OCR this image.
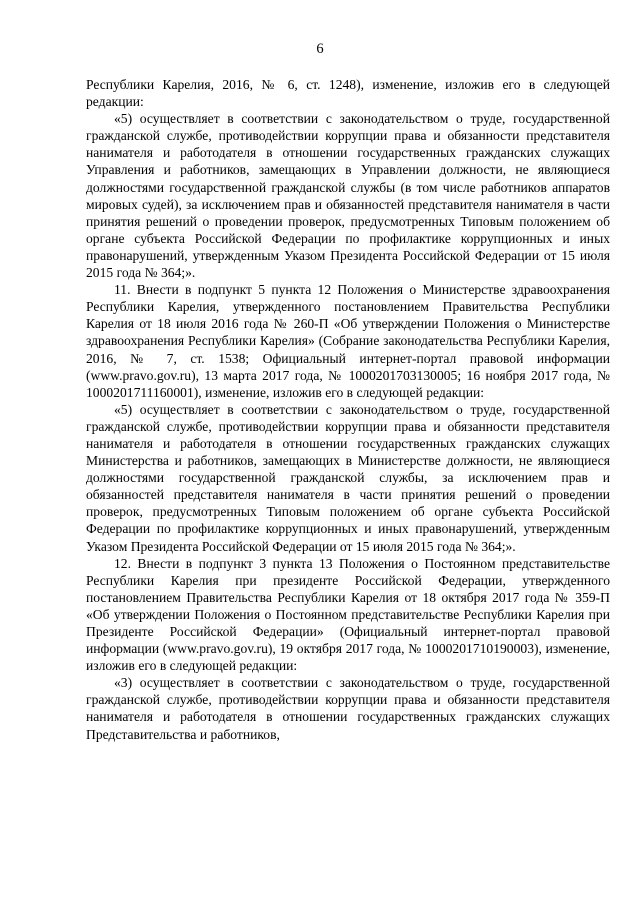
6

Республики Карелия, 2016, № 6, ст. 1248), изменение, изложив его в следующей редакции:

«5) осуществляет в соответствии с законодательством о труде, государственной гражданской службе, противодействии коррупции права и обязанности представителя нанимателя и работодателя в отношении государственных гражданских служащих Управления и работников, замещающих в Управлении должности, не являющиеся должностями государственной гражданской службы (в том числе работников аппаратов мировых судей), за исключением прав и обязанностей представителя нанимателя в части принятия решений о проведении проверок, предусмотренных Типовым положением об органе субъекта Российской Федерации по профилактике коррупционных и иных правонарушений, утвержденным Указом Президента Российской Федерации от 15 июля 2015 года № 364;».

11. Внести в подпункт 5 пункта 12 Положения о Министерстве здравоохранения Республики Карелия, утвержденного постановлением Правительства Республики Карелия от 18 июля 2016 года № 260-П «Об утверждении Положения о Министерстве здравоохранения Республики Карелия» (Собрание законодательства Республики Карелия, 2016, № 7, ст. 1538; Официальный интернет-портал правовой информации (www.pravo.gov.ru), 13 марта 2017 года, № 1000201703130005; 16 ноября 2017 года, № 1000201711160001), изменение, изложив его в следующей редакции:

«5) осуществляет в соответствии с законодательством о труде, государственной гражданской службе, противодействии коррупции права и обязанности представителя нанимателя и работодателя в отношении государственных гражданских служащих Министерства и работников, замещающих в Министерстве должности, не являющиеся должностями государственной гражданской службы, за исключением прав и обязанностей представителя нанимателя в части принятия решений о проведении проверок, предусмотренных Типовым положением об органе субъекта Российской Федерации по профилактике коррупционных и иных правонарушений, утвержденным Указом Президента Российской Федерации от 15 июля 2015 года № 364;».

12. Внести в подпункт 3 пункта 13 Положения о Постоянном представительстве Республики Карелия при президенте Российской Федерации, утвержденного постановлением Правительства Республики Карелия от 18 октября 2017 года № 359-П «Об утверждении Положения о Постоянном представительстве Республики Карелия при Президенте Российской Федерации» (Официальный интернет-портал правовой информации (www.pravo.gov.ru), 19 октября 2017 года, № 1000201710190003), изменение, изложив его в следующей редакции:

«3) осуществляет в соответствии с законодательством о труде, государственной гражданской службе, противодействии коррупции права и обязанности представителя нанимателя и работодателя в отношении государственных гражданских служащих Представительства и работников,
